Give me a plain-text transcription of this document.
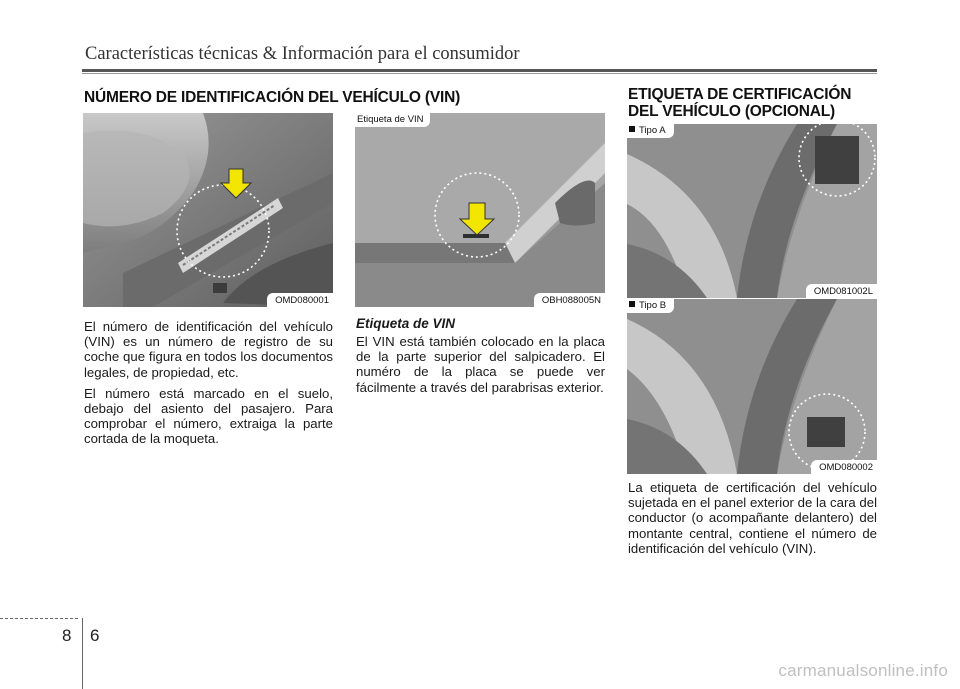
Características técnicas & Información para el consumidor
NÚMERO DE IDENTIFICACIÓN DEL VEHÍCULO (VIN)	ETIQUETA DE CERTIFICACIÓN
DEL VEHÍCULO (OPCIONAL)
OMD080001
Etiqueta de VIN
OBH088005N
Tipo A
OMD081002L
Tipo B
OMD080002

El número de identificación del vehículo (VIN) es un número de registro de su coche que figura en todos los documentos legales, de propiedad, etc.

El número está marcado en el suelo, debajo del asiento del pasajero. Para comprobar el número, extraiga la parte cortada de la moqueta.

Etiqueta de VIN

El VIN está también colocado en la placa de la parte superior del salpicadero. El numéro de la placa se puede ver fácilmente a través del parabrisas exterior.

La etiqueta de certificación del vehículo sujetada en el panel exterior de la cara del conductor (o acompañante delantero) del montante central, contiene el número de identificación del vehículo (VIN).

8 6
carmanualsonline.info
